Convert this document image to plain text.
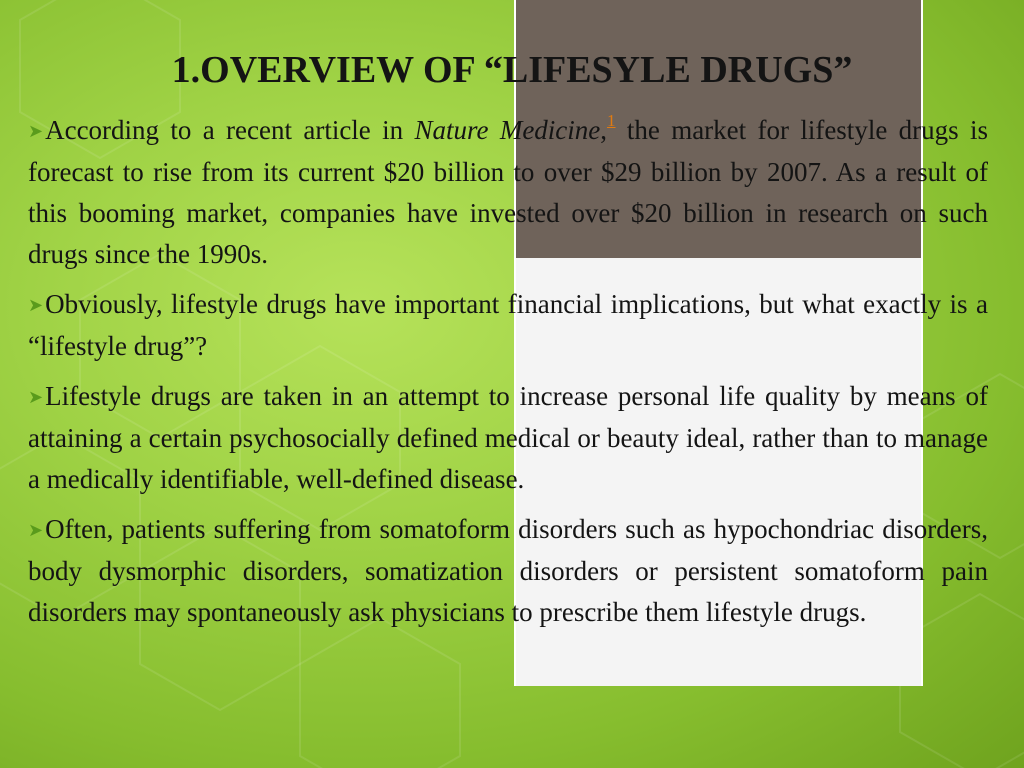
1.OVERVIEW OF “LIFESYLE DRUGS”

➤According to a recent article in Nature Medicine,$^1$ the market for lifestyle drugs is forecast to rise from its current $20 billion to over $29 billion by 2007. As a result of this booming market, companies have invested over $20 billion in research on such drugs since the 1990s.

➤Obviously, lifestyle drugs have important financial implications, but what exactly is a “lifestyle drug”?

➤Lifestyle drugs are taken in an attempt to increase personal life quality by means of attaining a certain psychosocially defined medical or beauty ideal, rather than to manage a medically identifiable, well-defined disease.

➤Often, patients suffering from somatoform disorders such as hypochondriac disorders, body dysmorphic disorders, somatization disorders or persistent somatoform pain disorders may spontaneously ask physicians to prescribe them lifestyle drugs.
